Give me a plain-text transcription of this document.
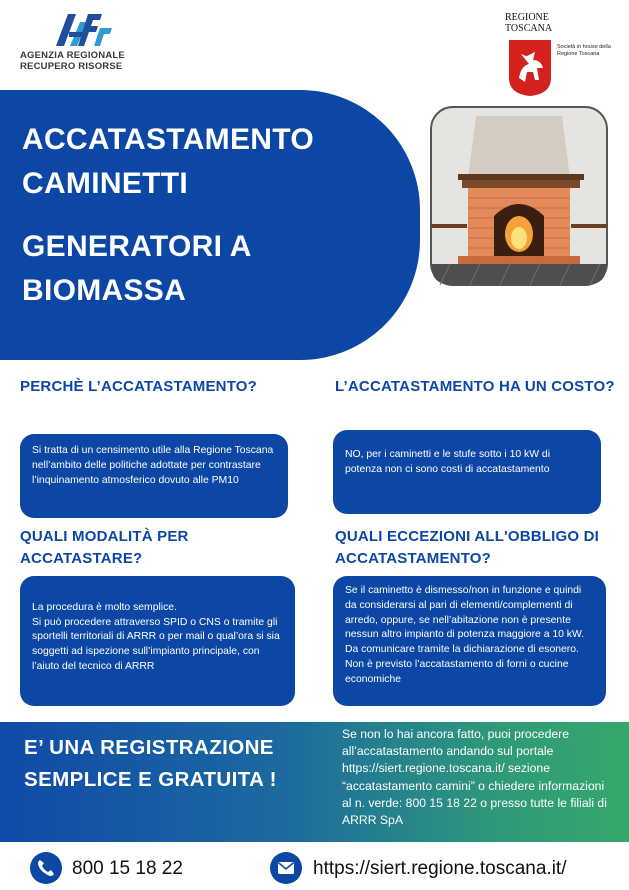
AGENZIA REGIONALE
RECUPERO RISORSE
REGIONE
TOSCANA
Società in house della Regione Toscana
ACCATASTAMENTO CAMINETTI
GENERATORI A BIOMASSA
PERCHÈ L’ACCATASTAMENTO?
Si tratta di un censimento utile alla Regione Toscana nell’ambito delle politiche adottate per contrastare l’inquinamento atmosferico dovuto alle PM10
L’ACCATASTAMENTO HA UN COSTO?
NO, per i caminetti e le stufe sotto i 10 kW di potenza non ci sono costi di accatastamento
QUALI MODALITÀ PER ACCATASTARE?

La procedura è molto semplice.
Si può procedere attraverso SPID o CNS o tramite gli sportelli territoriali di ARRR o per mail o qual’ora si sia soggetti ad ispezione sull’impianto principale, con l’aiuto del tecnico di ARRR

QUALI ECCEZIONI ALL'OBBLIGO DI ACCATASTAMENTO?
Se il caminetto è dismesso/non in funzione e quindi da considerarsi al pari di elementi/complementi di arredo, oppure, se nell’abitazione non è presente nessun altro impianto di potenza maggiore a 10 kW. Da comunicare tramite la dichiarazione di esonero. Non è previsto l’accatastamento di forni o cucine economiche
E’ UNA REGISTRAZIONE SEMPLICE E GRATUITA !
Se non lo hai ancora fatto, puoi procedere all’accatastamento andando sul portale https://siert.regione.toscana.it/ sezione “accatastamento camini” o chiedere informazioni al n. verde: 800 15 18 22 o presso tutte le filiali di ARRR SpA
800 15 18 22	https://siert.regione.toscana.it/
